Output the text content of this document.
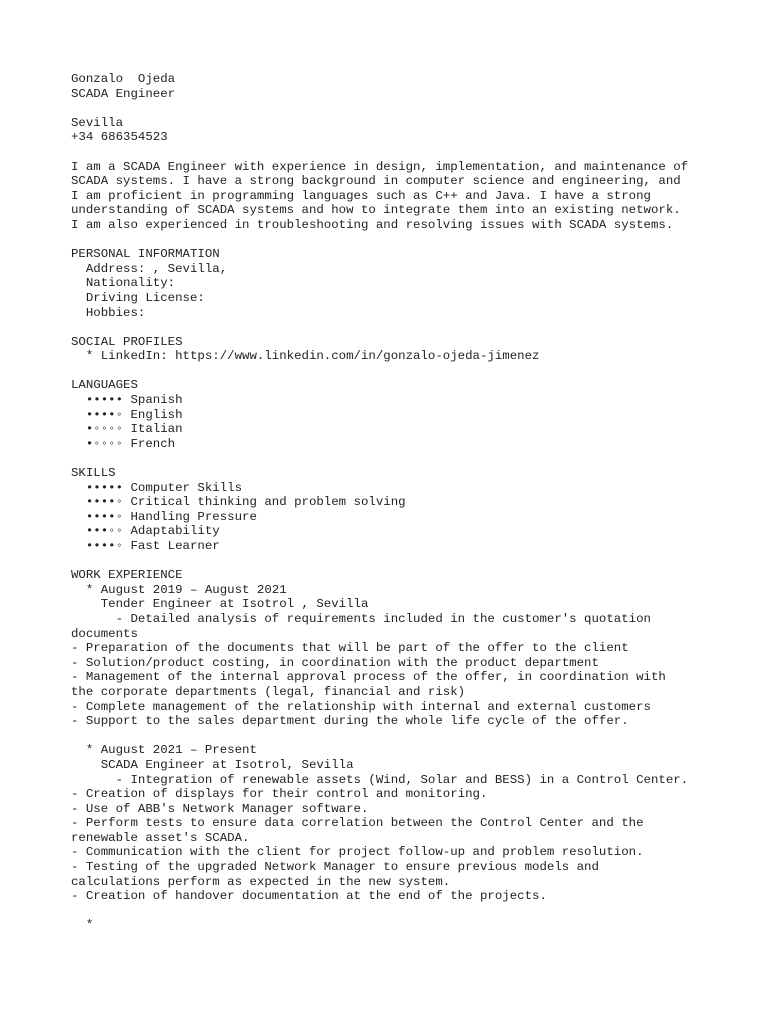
Gonzalo  Ojeda
SCADA Engineer
Sevilla
+34 686354523
I am a SCADA Engineer with experience in design, implementation, and maintenance of
SCADA systems. I have a strong background in computer science and engineering, and
I am proficient in programming languages such as C++ and Java. I have a strong
understanding of SCADA systems and how to integrate them into an existing network.
I am also experienced in troubleshooting and resolving issues with SCADA systems.
PERSONAL INFORMATION
Address: , Sevilla,
Nationality:
Driving License:
Hobbies:
SOCIAL PROFILES
* LinkedIn: https://www.linkedin.com/in/gonzalo-ojeda-jimenez
LANGUAGES
••••• Spanish
••••◦ English
•◦◦◦◦ Italian
•◦◦◦◦ French
SKILLS
••••• Computer Skills
••••◦ Critical thinking and problem solving
••••◦ Handling Pressure
•••◦◦ Adaptability
••••◦ Fast Learner
WORK EXPERIENCE
* August 2019 – August 2021
Tender Engineer at Isotrol , Sevilla
- Detailed analysis of requirements included in the customer's quotation
documents
- Preparation of the documents that will be part of the offer to the client
- Solution/product costing, in coordination with the product department
- Management of the internal approval process of the offer, in coordination with
the corporate departments (legal, financial and risk)
- Complete management of the relationship with internal and external customers
- Support to the sales department during the whole life cycle of the offer.
* August 2021 – Present
SCADA Engineer at Isotrol, Sevilla
- Integration of renewable assets (Wind, Solar and BESS) in a Control Center.
- Creation of displays for their control and monitoring.
- Use of ABB's Network Manager software.
- Perform tests to ensure data correlation between the Control Center and the
renewable asset's SCADA.
- Communication with the client for project follow-up and problem resolution.
- Testing of the upgraded Network Manager to ensure previous models and
calculations perform as expected in the new system.
- Creation of handover documentation at the end of the projects.
*
